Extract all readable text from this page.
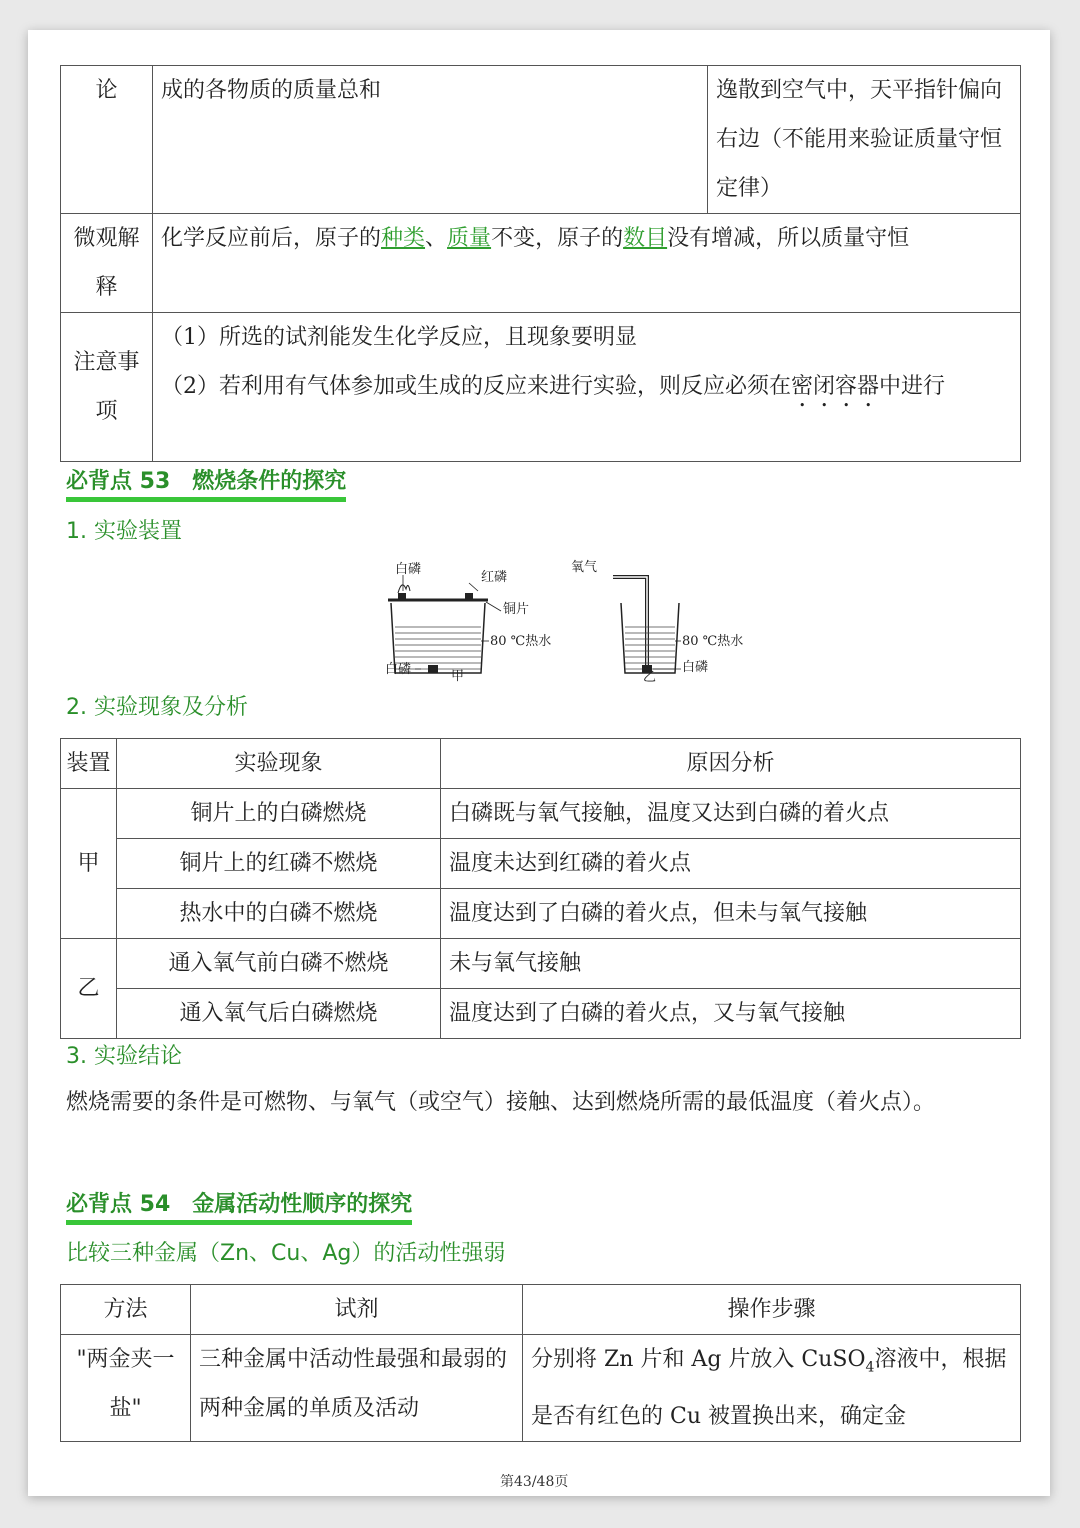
论	成的各物质的质量总和	逸散到空气中，天平指针偏向右边（不能用来验证质量守恒定律）
微观解释	化学反应前后，原子的种类、质量不变，原子的数目没有增减，所以质量守恒	
注意事项	（1）所选的试剂能发生化学反应，且现象要明显
（2）若利用有气体参加或生成的反应来进行实验，则反应必须在密闭容器中进行	
必背点 53　燃烧条件的探究
1. 实验装置
白磷
红磷
铜片
80 ℃热水
白磷	甲
氧气
80 ℃热水
白磷
乙
2. 实验现象及分析
装置	实验现象	原因分析
甲	铜片上的白磷燃烧	白磷既与氧气接触，温度又达到白磷的着火点
	铜片上的红磷不燃烧	温度未达到红磷的着火点
	热水中的白磷不燃烧	温度达到了白磷的着火点，但未与氧气接触
乙	通入氧气前白磷不燃烧	未与氧气接触
	通入氧气后白磷燃烧	温度达到了白磷的着火点，又与氧气接触
3. 实验结论
燃烧需要的条件是可燃物、与氧气（或空气）接触、达到燃烧所需的最低温度（着火点）。
必背点 54　金属活动性顺序的探究
比较三种金属（Zn、Cu、Ag）的活动性强弱
方法	试剂	操作步骤
"两金夹一盐"	三种金属中活动性最强和最弱的两种金属的单质及活动	分别将 Zn 片和 Ag 片放入 CuSO$_4$溶液中，根据是否有红色的 Cu 被置换出来，确定金
第43/48页
